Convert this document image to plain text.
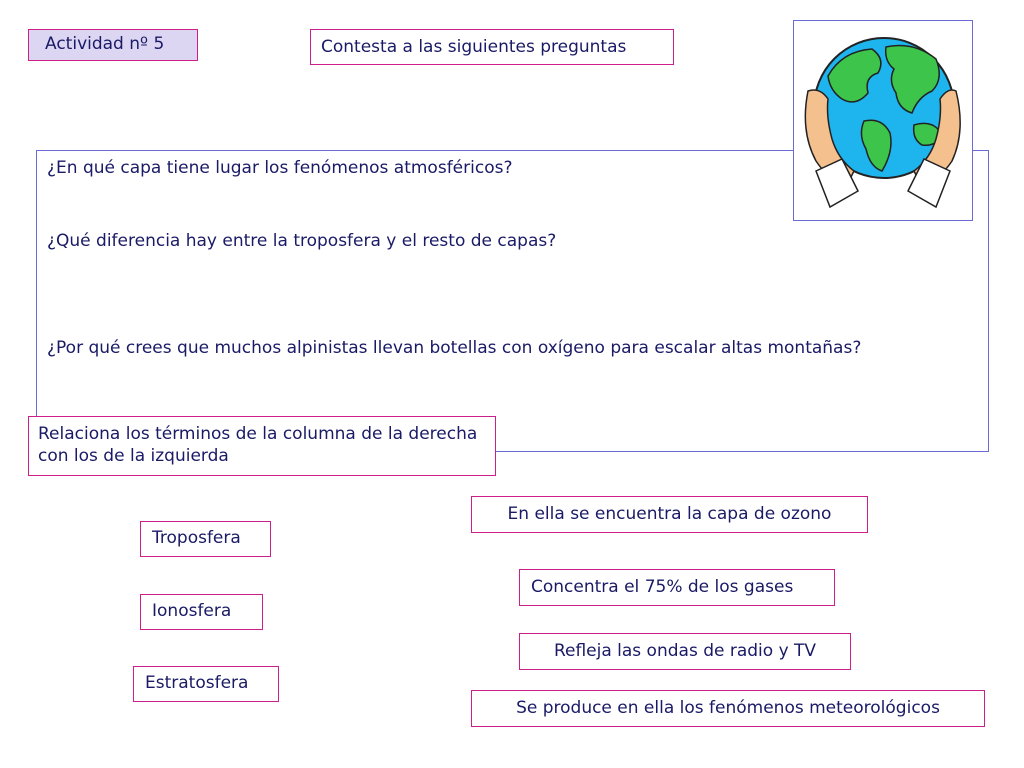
¿En qué capa tiene lugar los fenómenos atmosféricos?
¿Qué diferencia hay entre la troposfera y el resto de capas?
¿Por qué crees que muchos alpinistas llevan botellas con oxígeno para escalar altas montañas?
Actividad nº 5	Contesta a las siguientes preguntas
Relaciona los términos de la columna de la derecha con los de la izquierda
Troposfera
Ionosfera
Estratosfera
En ella se encuentra la capa de ozono
Concentra el 75% de los gases
Refleja las ondas de radio y TV
Se produce en ella los fenómenos meteorológicos
